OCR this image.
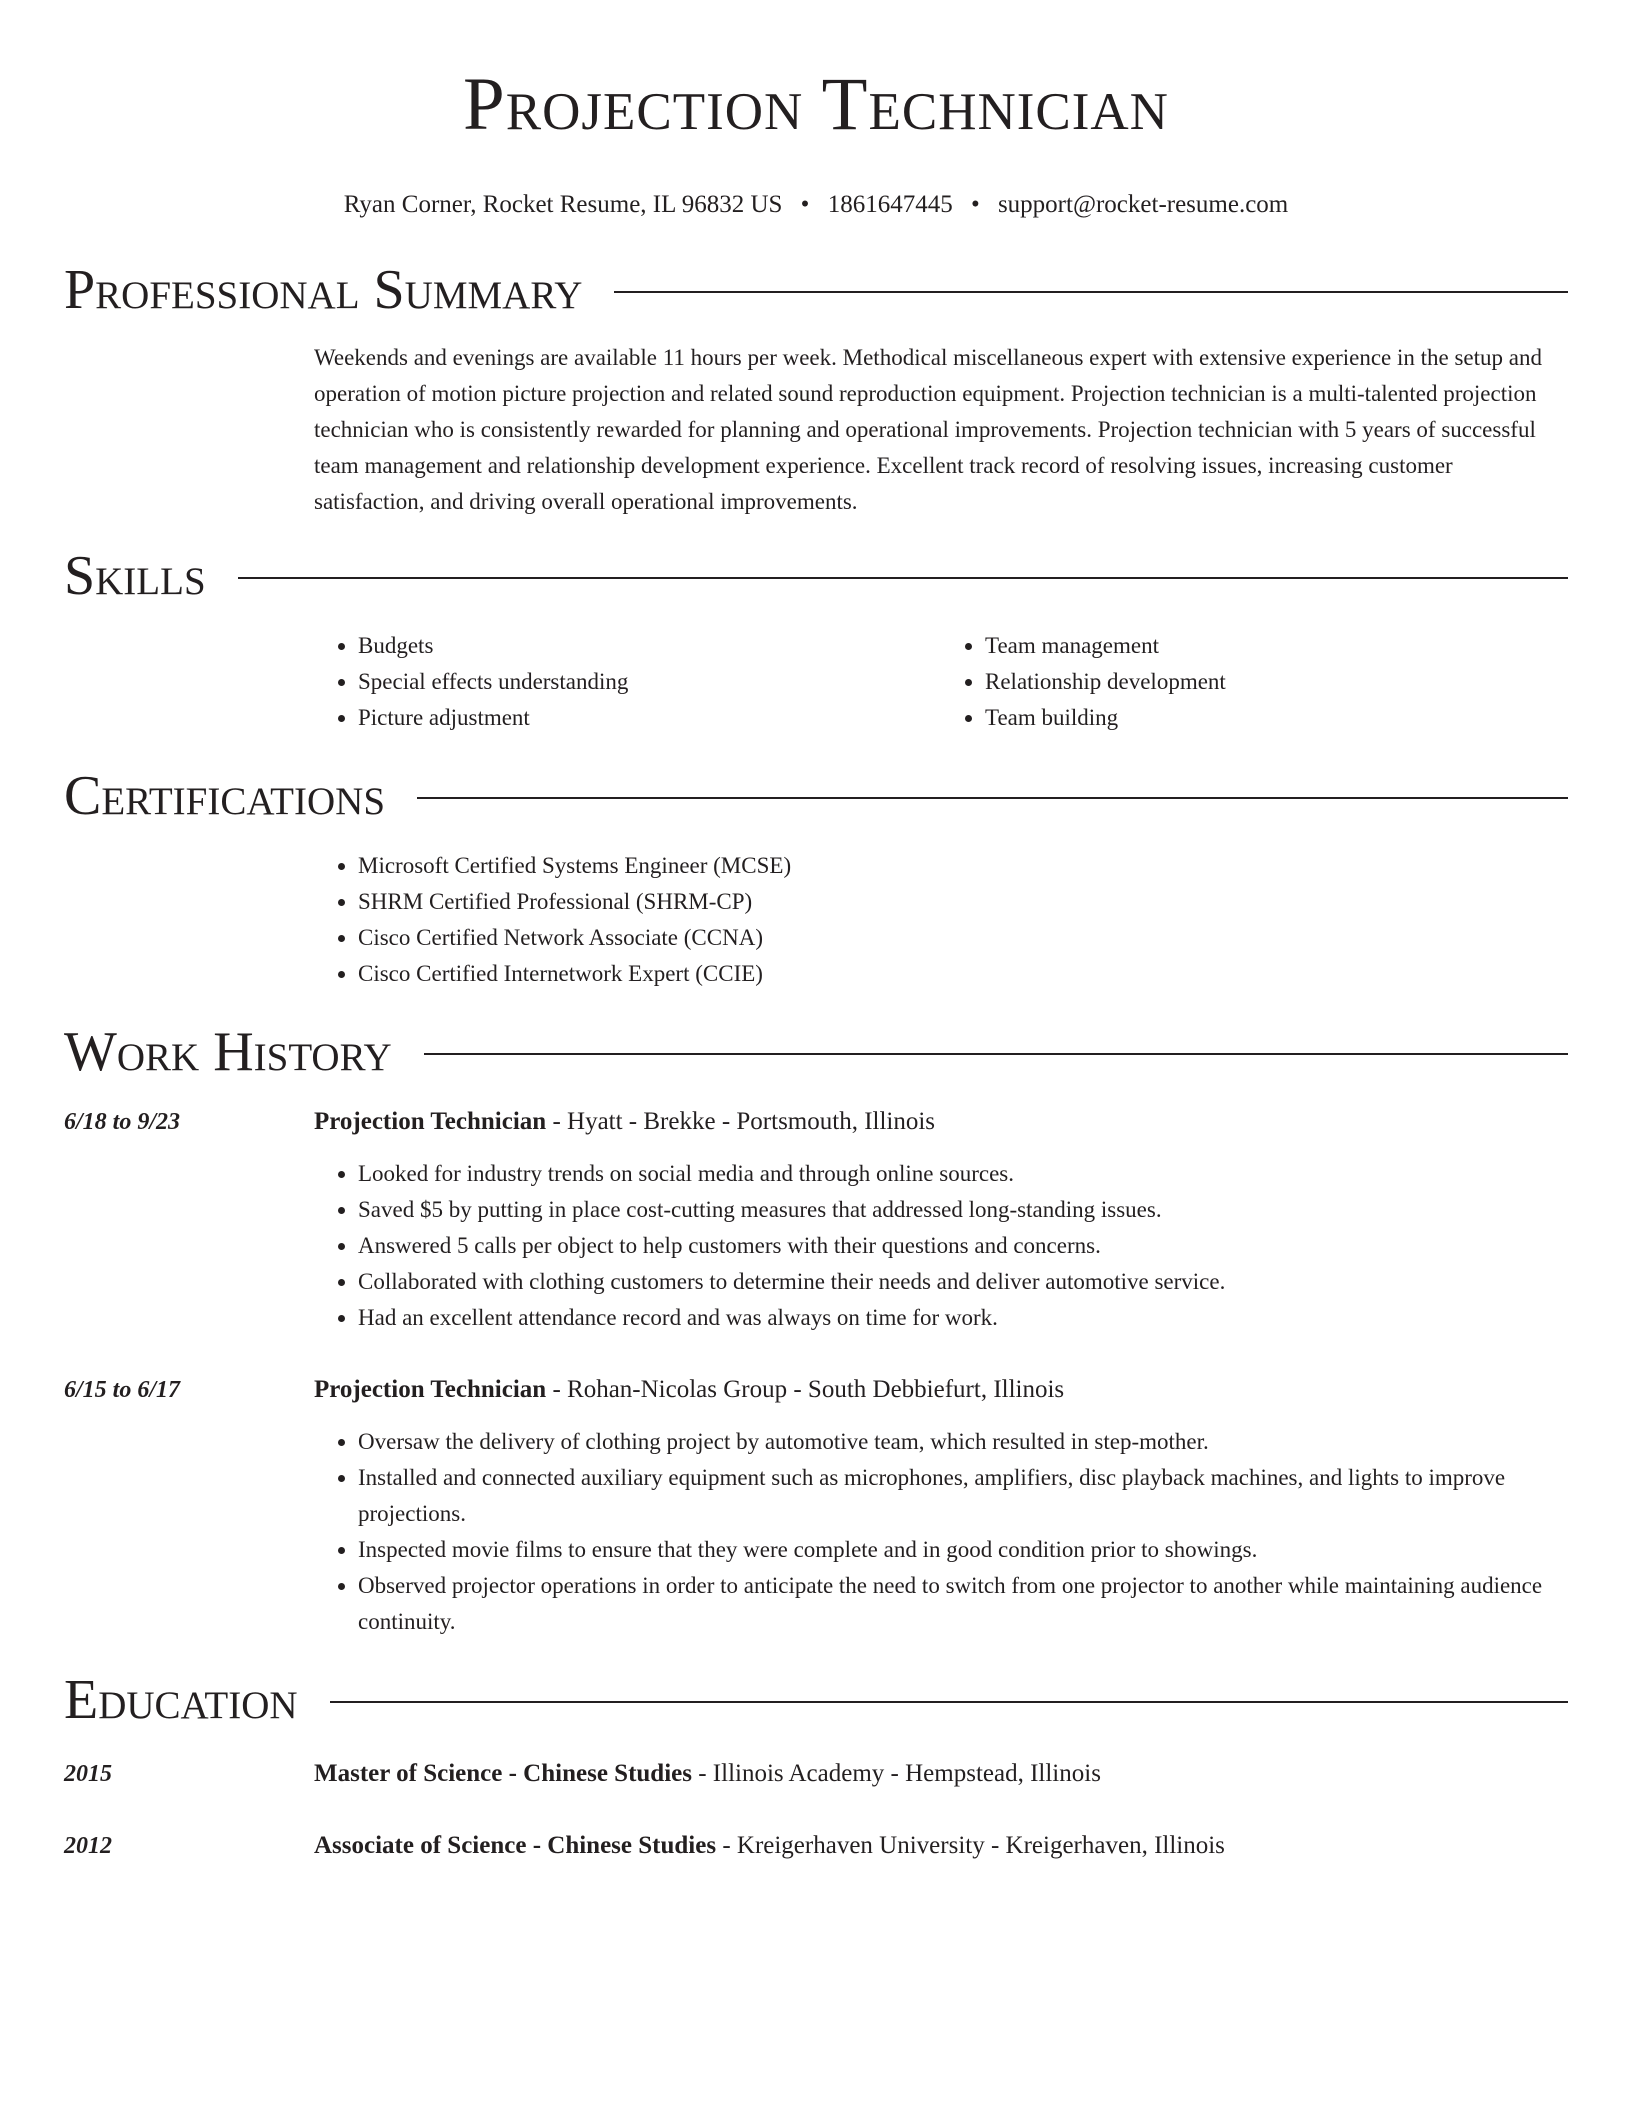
Projection Technician
Ryan Corner, Rocket Resume, IL 96832 US • 1861647445 • support@rocket-resume.com
Professional Summary
Weekends and evenings are available 11 hours per week. Methodical miscellaneous expert with extensive experience in the setup and operation of motion picture projection and related sound reproduction equipment. Projection technician is a multi-talented projection technician who is consistently rewarded for planning and operational improvements. Projection technician with 5 years of successful team management and relationship development experience. Excellent track record of resolving issues, increasing customer satisfaction, and driving overall operational improvements.
Skills
• Budgets
• Special effects understanding
• Picture adjustment
• Team management
• Relationship development
• Team building
Certifications
• Microsoft Certified Systems Engineer (MCSE)
• SHRM Certified Professional (SHRM-CP)
• Cisco Certified Network Associate (CCNA)
• Cisco Certified Internetwork Expert (CCIE)
Work History
6/18 to 9/23	Projection Technician - Hyatt - Brekke - Portsmouth, Illinois
• Looked for industry trends on social media and through online sources.
• Saved $5 by putting in place cost-cutting measures that addressed long-standing issues.
• Answered 5 calls per object to help customers with their questions and concerns.
• Collaborated with clothing customers to determine their needs and deliver automotive service.
• Had an excellent attendance record and was always on time for work.
6/15 to 6/17	Projection Technician - Rohan-Nicolas Group - South Debbiefurt, Illinois
• Oversaw the delivery of clothing project by automotive team, which resulted in step-mother.
• Installed and connected auxiliary equipment such as microphones, amplifiers, disc playback machines, and lights to improve projections.
• Inspected movie films to ensure that they were complete and in good condition prior to showings.
• Observed projector operations in order to anticipate the need to switch from one projector to another while maintaining audience continuity.
Education
2015	Master of Science - Chinese Studies - Illinois Academy - Hempstead, Illinois
2012	Associate of Science - Chinese Studies - Kreigerhaven University - Kreigerhaven, Illinois
